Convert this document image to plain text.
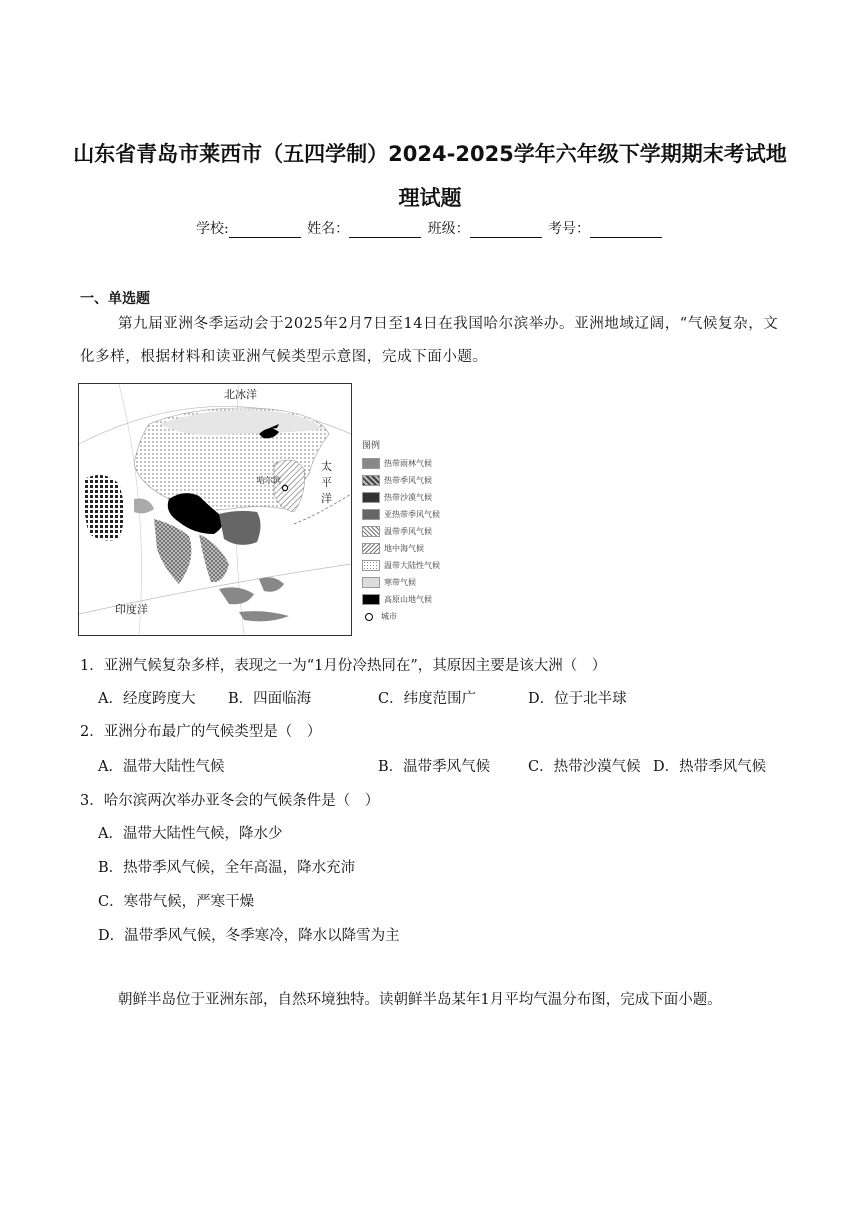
山东省青岛市莱西市（五四学制）2024-2025学年六年级下学期期末考试地
理试题
学校:	姓名：	班级：	考号：
一、单选题
第九届亚洲冬季运动会于2025年2月7日至14日在我国哈尔滨举办。亚洲地域辽阔，“气候复杂，文化多样，根据材料和读亚洲气候类型示意图，完成下面小题。
北冰洋
太
平
洋
印度洋
哈尔滨
图例
热带雨林气候
热带季风气候
热带沙漠气候
亚热带季风气候
温带季风气候
地中海气候
温带大陆性气候
寒带气候
高原山地气候
城市
1．亚洲气候复杂多样，表现之一为“1月份冷热同在”，其原因主要是该大洲（　）
A．经度跨度大 B．四面临海	C．纬度范围广	D．位于北半球
2．亚洲分布最广的气候类型是（　）
A．温带大陆性气候	B．温带季风气候	C．热带沙漠气候 D．热带季风气候
3．哈尔滨两次举办亚冬会的气候条件是（　）
A．温带大陆性气候，降水少
B．热带季风气候，全年高温，降水充沛
C．寒带气候，严寒干燥
D．温带季风气候，冬季寒冷，降水以降雪为主
朝鲜半岛位于亚洲东部，自然环境独特。读朝鲜半岛某年1月平均气温分布图，完成下面小题。
